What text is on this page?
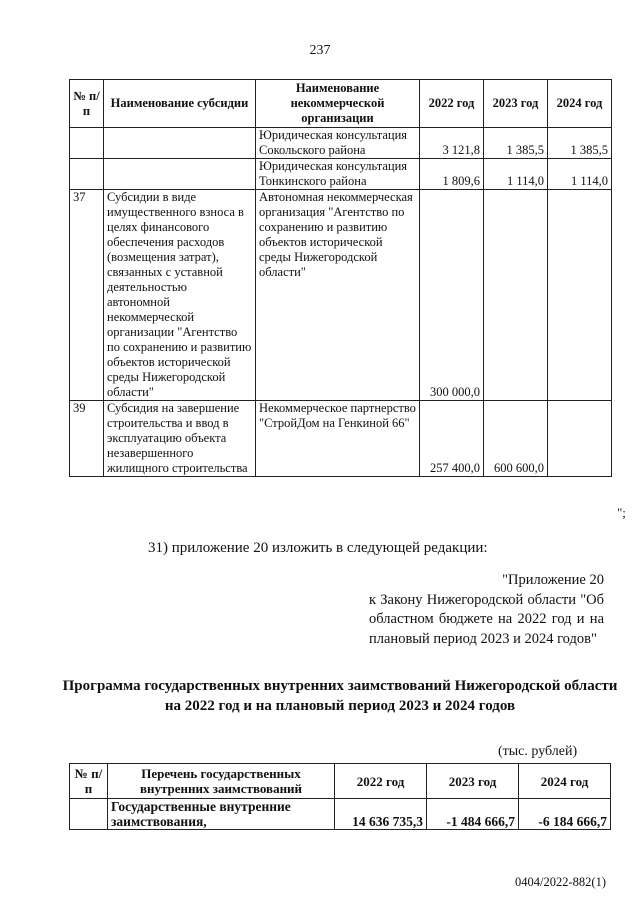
237
№ п/п	Наименование субсидии	Наименование некоммерческой организации	2022 год	2023 год	2024 год
		Юридическая консультация Сокольского района	3 121,8	1 385,5	1 385,5
		Юридическая консультация Тонкинского района	1 809,6	1 114,0	1 114,0
37	Субсидии в виде имущественного взноса в целях финансового обеспечения расходов (возмещения затрат), связанных с уставной деятельностью автономной некоммерческой организации "Агентство по сохранению и развитию объектов исторической среды Нижегородской области"	Автономная некоммерческая организация "Агентство по сохранению и развитию объектов исторической среды Нижегородской области"	300 000,0		
39	Субсидия на завершение строительства и ввод в эксплуатацию объекта незавершенного жилищного строительства	Некоммерческое партнерство "СтройДом на Генкиной 66"	257 400,0	600 600,0	
";
31) приложение 20 изложить в следующей редакции:
"Приложение 20
к Закону Нижегородской области "Об областном бюджете на 2022 год и на плановый период 2023 и 2024 годов"
Программа государственных внутренних заимствований Нижегородской области на 2022 год и на плановый период 2023 и 2024 годов
(тыс. рублей)
№ п/п	Перечень государственных внутренних заимствований	2022 год	2023 год	2024 год
	Государственные внутренние заимствования,	14 636 735,3	-1 484 666,7	-6 184 666,7
0404/2022-882(1)
